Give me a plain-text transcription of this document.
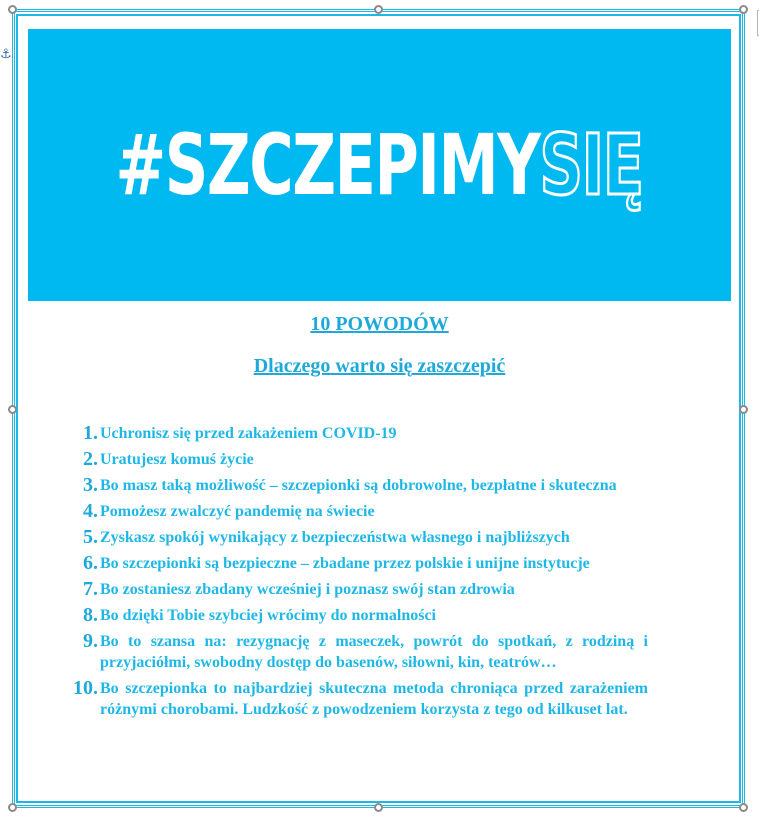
⚓
#SZCZEPIMYSIĘ
10 POWODÓW
Dlaczego warto się zaszczepić
1. Uchronisz się przed zakażeniem COVID-19
2. Uratujesz komuś życie
3. Bo masz taką możliwość – szczepionki są dobrowolne, bezpłatne i skuteczna
4. Pomożesz zwalczyć pandemię na świecie
5. Zyskasz spokój wynikający z bezpieczeństwa własnego i najbliższych
6. Bo szczepionki są bezpieczne – zbadane przez polskie i unijne instytucje
7. Bo zostaniesz zbadany wcześniej i poznasz swój stan zdrowia
8. Bo dzięki Tobie szybciej wrócimy do normalności
9. Bo to szansa na: rezygnację z maseczek, powrót do spotkań, z rodziną i przyjaciółmi, swobodny dostęp do basenów, siłowni, kin, teatrów…
10. Bo szczepionka to najbardziej skuteczna metoda chroniąca przed zarażeniem różnymi chorobami. Ludzkość z powodzeniem korzysta z tego od kilkuset lat.
